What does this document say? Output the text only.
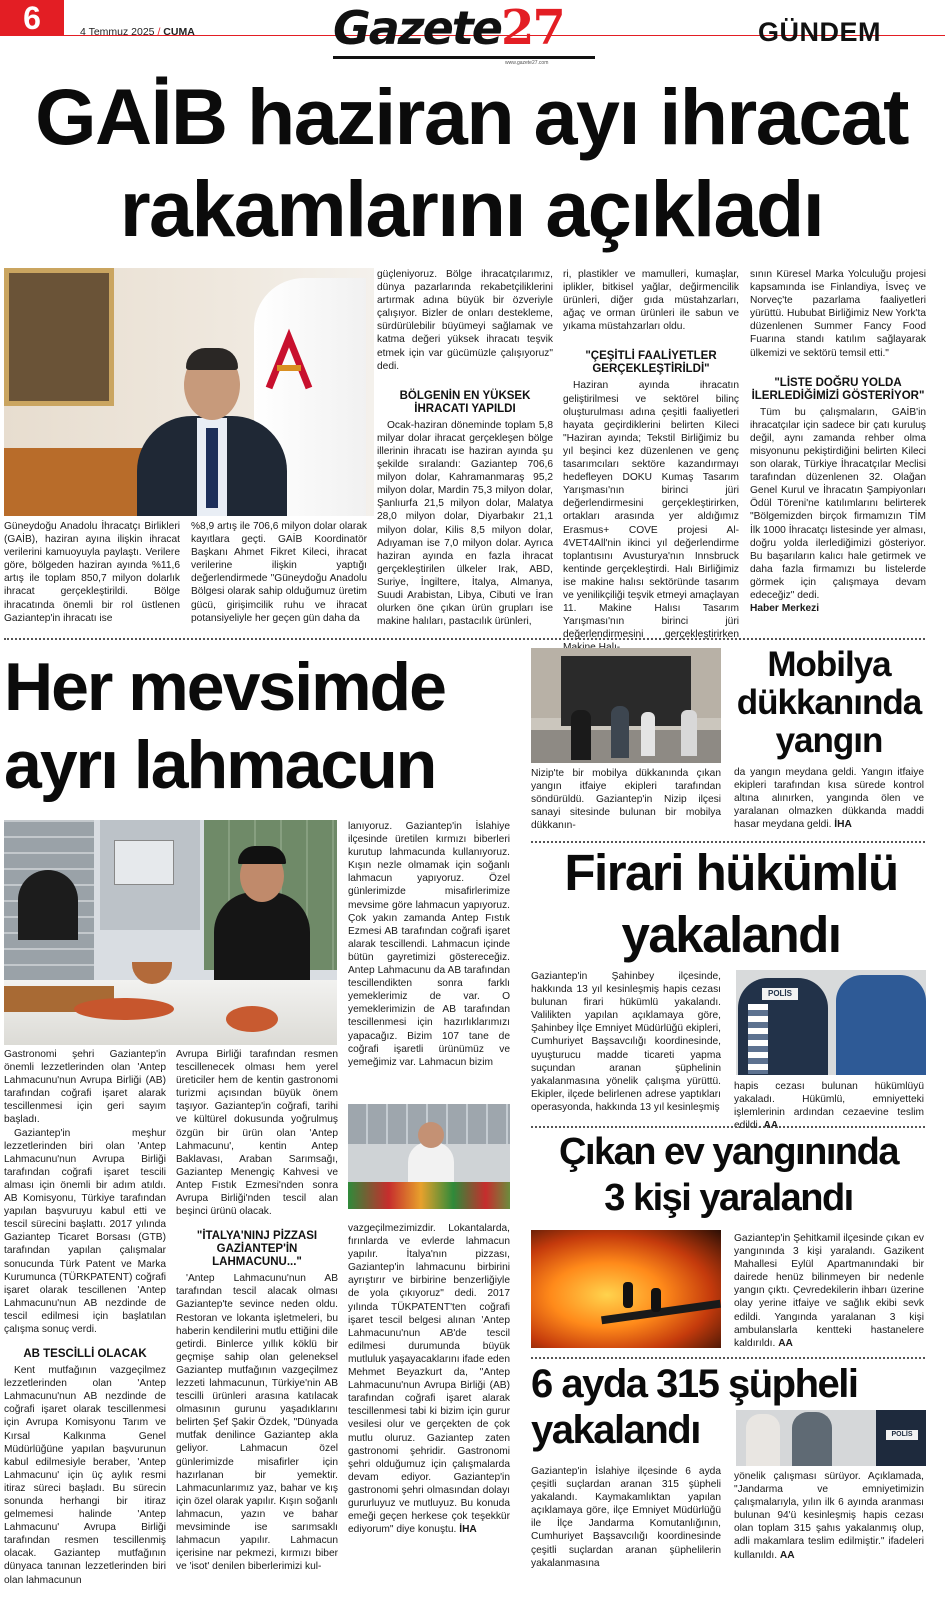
6	4 Temmuz 2025 / CUMA	Gazete27
www.gazete27.com
GÜNDEM
GAİB haziran ayı ihracat
rakamlarını açıkladı
Güneydoğu Anadolu İhracatçı Birlikleri (GAİB), haziran ayına ilişkin ihracat verilerini kamuoyuyla paylaştı. Verilere göre, bölgeden haziran ayında %11,6 artış ile toplam 850,7 milyon dolarlık ihracat gerçekleştirildi. Bölge ihracatında önemli bir rol üstlenen Gaziantep'in ihracatı ise
%8,9 artış ile 706,6 milyon dolar olarak kayıtlara geçti. GAİB Koordinatör Başkanı Ahmet Fikret Kileci, ihracat verilerine ilişkin yaptığı değerlendirmede "Güneydoğu Anadolu Bölgesi olarak sahip olduğumuz üretim gücü, girişimcilik ruhu ve ihracat potansiyeliyle her geçen gün daha da

güçleniyoruz. Bölge ihracatçılarımız, dünya pazarlarında rekabetçiliklerini artırmak adına büyük bir özveriyle çalışıyor. Bizler de onları destekleme, sürdürülebilir büyümeyi sağlamak ve katma değeri yüksek ihracatı teşvik etmek için var gücümüzle çalışıyoruz" dedi.

BÖLGENİN EN YÜKSEK İHRACATI YAPILDI

Ocak-haziran döneminde toplam 5,8 milyar dolar ihracat gerçekleşen bölge illerinin ihracatı ise haziran ayında şu şekilde sıralandı: Gaziantep 706,6 milyon dolar, Kahramanmaraş 95,2 milyon dolar, Mardin 75,3 milyon dolar, Şanlıurfa 21,5 milyon dolar, Malatya 28,0 milyon dolar, Diyarbakır 21,1 milyon dolar, Kilis 8,5 milyon dolar, Adıyaman ise 7,0 milyon dolar. Ayrıca haziran ayında en fazla ihracat gerçekleştirilen ülkeler Irak, ABD, Suriye, İngiltere, İtalya, Almanya, Suudi Arabistan, Libya, Cibuti ve İran olurken öne çıkan ürün grupları ise makine halıları, pastacılık ürünleri,

ri, plastikler ve mamulleri, kumaşlar, iplikler, bitkisel yağlar, değirmencilik ürünleri, diğer gıda müstahzarları, ağaç ve orman ürünleri ile sabun ve yıkama müstahzarları oldu.

"ÇEŞİTLİ FAALİYETLER GERÇEKLEŞTİRİLDİ"

Haziran ayında ihracatın geliştirilmesi ve sektörel bilinç oluşturulması adına çeşitli faaliyetleri hayata geçirdiklerini belirten Kileci "Haziran ayında; Tekstil Birliğimiz bu yıl beşinci kez düzenlenen ve genç tasarımcıları sektöre kazandırmayı hedefleyen DOKU Kumaş Tasarım Yarışması'nın birinci jüri değerlendirmesini gerçekleştirirken, ortakları arasında yer aldığımız Erasmus+ COVE projesi Al-4VET4All'nin ikinci yıl değerlendirme toplantısını Avusturya'nın Innsbruck kentinde gerçekleştirdi. Halı Birliğimiz ise makine halısı sektöründe tasarım ve yenilikçiliği teşvik etmeyi amaçlayan 11. Makine Halısı Tasarım Yarışması'nın birinci jüri değerlendirmesini gerçekleştirirken

sının Küresel Marka Yolculuğu projesi kapsamında ise Finlandiya, İsveç ve Norveç'te pazarlama faaliyetleri yürüttü. Hububat Birliğimiz New York'ta düzenlenen Summer Fancy Food Fuarına standı katılım sağlayarak ülkemizi ve sektörü temsil etti."

"LİSTE DOĞRU YOLDA İLERLEDİĞİMİZİ GÖSTERİYOR"

Tüm bu çalışmaların, GAİB'in ihracatçılar için sadece bir çatı kuruluş değil, aynı zamanda rehber olma misyonunu pekiştirdiğini belirten Kileci son olarak, Türkiye İhracatçılar Meclisi tarafından düzenlenen 32. Olağan Genel Kurul ve İhracatın Şampiyonları Ödül Töreni'ne katılımlarını belirterek "Bölgemizden birçok firmamızın TİM İlk 1000 İhracatçı listesinde yer alması, doğru yolda ilerlediğimizi gösteriyor. Bu başarıların kalıcı hale getirmek ve daha fazla firmamızı bu listelerde görmek için çalışmaya devam edeceğiz" dedi.

Haber Merkezi

Her mevsimde
ayrı lahmacun

Gastronomi şehri Gaziantep'in önemli lezzetlerinden olan 'Antep Lahmacunu'nun Avrupa Birliği (AB) tarafından coğrafi işaret alarak tescillenmesi için geri sayım başladı.

Gaziantep'in meşhur lezzetlerinden biri olan 'Antep Lahmacunu'nun Avrupa Birliği tarafından coğrafi işaret tescili alması için önemli bir adım atıldı. AB Komisyonu, Türkiye tarafından yapılan başvuruyu kabul etti ve tescil sürecini başlattı. 2017 yılında Gaziantep Ticaret Borsası (GTB) tarafından yapılan çalışmalar sonucunda Türk Patent ve Marka Kurumunca (TÜRKPATENT) coğrafi işaret olarak tescillenen 'Antep Lahmacunu'nun AB nezdinde de tescil edilmesi için başlatılan çalışma sonuç verdi.

AB TESCİLLİ OLACAK

Kent mutfağının vazgeçilmez lezzetlerinden olan 'Antep Lahmacunu'nun AB nezdinde de coğrafi işaret olarak tescillenmesi için Avrupa Komisyonu Tarım ve Kırsal Kalkınma Genel Müdürlüğüne yapılan başvurunun kabul edilmesiyle beraber, 'Antep Lahmacunu' için üç aylık resmi itiraz süreci başladı. Bu sürecin sonunda herhangi bir itiraz gelmemesi halinde 'Antep Lahmacunu' Avrupa Birliği tarafından resmen tescillenmiş olacak. Gaziantep mutfağının dünyaca tanınan lezzetlerinden biri olan lahmacunun

Avrupa Birliği tarafından resmen tescillenecek olması hem yerel üreticiler hem de kentin gastronomi turizmi açısından büyük önem taşıyor. Gaziantep'in coğrafi, tarihi ve kültürel dokusunda yoğrulmuş özgün bir ürün olan 'Antep Lahmacunu', kentin Antep Baklavası, Araban Sarımsağı, Gaziantep Menengiç Kahvesi ve Antep Fıstık Ezmesi'nden sonra Avrupa Birliği'nden tescil alan beşinci ürünü olacak.

"İTALYA'NINJ PİZZASI GAZİANTEP'İN LAHMACUNU..."

'Antep Lahmacunu'nun AB tarafından tescil alacak olması Gaziantep'te sevince neden oldu. Restoran ve lokanta işletmeleri, bu haberin kendilerini mutlu ettiğini dile getirdi. Binlerce yıllık köklü bir geçmişe sahip olan geleneksel Gaziantep mutfağının vazgeçilmez lezzeti lahmacunun, Türkiye'nin AB tescilli ürünleri arasına katılacak olmasının gurunu yaşadıklarını belirten Şef Şakir Özdek, "Dünyada mutfak denilince Gaziantep akla geliyor. Lahmacun özel günlerimizde misafirler için hazırlanan bir yemektir. Lahmacunlarımız yaz, bahar ve kış için özel olarak yapılır. Kışın soğanlı lahmacun, yazın ve bahar mevsiminde ise sarımsaklı lahmacun yapılır. Lahmacun içerisine nar pekmezi, kırmızı biber ve 'isot' denilen biberlerimizi kul-

lanıyoruz. Gaziantep'in İslahiye ilçesinde üretilen kırmızı biberleri kurutup lahmacunda kullanıyoruz. Kışın nezle olmamak için soğanlı lahmacun yapıyoruz. Özel günlerimizde misafirlerimize mevsime göre lahmacun yapıyoruz. Çok yakın zamanda Antep Fıstık Ezmesi AB tarafından coğrafi işaret alarak tescillendi. Lahmacun içinde bütün gayretimizi göstereceğiz. Antep Lahmacunu da AB tarafından tescillendikten sonra farklı yemeklerimiz de var. O yemeklerimizin de AB tarafından tescillenmesi için hazırlıklarımızı yapacağız. Bizim 107 tane de coğrafi işaretli ürünümüz ve yemeğimiz var. Lahmacun bizim
vazgeçilmezimizdir. Lokantalarda, fırınlarda ve evlerde lahmacun yapılır. İtalya'nın pizzası, Gaziantep'in lahmacunu birbirini ayrıştırır ve birbirine benzerliğiyle de yola çıkıyoruz" dedi. 2017 yılında TÜKPATENT'ten coğrafi işaret tescil belgesi alınan 'Antep Lahmacunu'nun AB'de tescil edilmesi durumunda büyük mutluluk yaşayacaklarını ifade eden Mehmet Beyazkurt da, "Antep Lahmacunu'nun Avrupa Birliği (AB) tarafından coğrafi işaret alarak tescillenmesi tabi ki bizim için gurur vesilesi olur ve gerçekten de çok mutlu oluruz. Gaziantep zaten gastronomi şehridir. Gastronomi şehri olduğumuz için çalışmalarda devam ediyor. Gaziantep'in gastronomi şehri olmasından dolayı gururluyuz ve mutluyuz. Bu konuda emeği geçen herkese çok teşekkür ediyorum" diye konuştu. İHA
Mobilya
dükkanında
yangın
Nizip'te bir mobilya dükkanında çıkan yangın itfaiye ekipleri tarafından söndürüldü. Gaziantep'in Nizip ilçesi sanayi sitesinde bulunan bir mobilya dükkanın-
da yangın meydana geldi. Yangın itfaiye ekipleri tarafından kısa sürede kontrol altına alınırken, yangında ölen ve yaralanan olmazken dükkanda maddi hasar meydana geldi. İHA
Firari hükümlü
yakalandı
Gaziantep'in Şahinbey ilçesinde, hakkında 13 yıl kesinleşmiş hapis cezası bulunan firari hükümlü yakalandı. Valilikten yapılan açıklamaya göre, Şahinbey İlçe Emniyet Müdürlüğü ekipleri, Cumhuriyet Başsavcılığı koordinesinde, uyuşturucu madde ticareti yapma suçundan aranan şüphelinin yakalanmasına yönelik çalışma yürüttü. Ekipler, ilçede belirlenen adrese yaptıkları operasyonda, hakkında 13 yıl kesinleşmiş
POLİS
hapis cezası bulunan hükümlüyü yakaladı. Hükümlü, emniyetteki işlemlerinin ardından cezaevine teslim edildi. AA
Çıkan ev yangınında
3 kişi yaralandı
Gaziantep'in Şehitkamil ilçesinde çıkan ev yangınında 3 kişi yaralandı. Gazikent Mahallesi Eylül Apartmanındaki bir dairede henüz bilinmeyen bir nedenle yangın çıktı. Çevredekilerin ihbarı üzerine olay yerine itfaiye ve sağlık ekibi sevk edildi. Yangında yaralanan 3 kişi ambulanslarla kentteki hastanelere kaldırıldı. AA
6 ayda 315 şüpheli
yakalandı	POLİS
Gaziantep'in İslahiye ilçesinde 6 ayda çeşitli suçlardan aranan 315 şüpheli yakalandı. Kaymakamlıktan yapılan açıklamaya göre, ilçe Emniyet Müdürlüğü ile İlçe Jandarma Komutanlığının, Cumhuriyet Başsavcılığı koordinesinde çeşitli suçlardan aranan şüphelilerin yakalanmasına
yönelik çalışması sürüyor. Açıklamada, "Jandarma ve emniyetimizin çalışmalarıyla, yılın ilk 6 ayında aranması bulunan 94'ü kesinleşmiş hapis cezası olan toplam 315 şahıs yakalanmış olup, adli makamlara teslim edilmiştir." ifadeleri kullanıldı. AA
